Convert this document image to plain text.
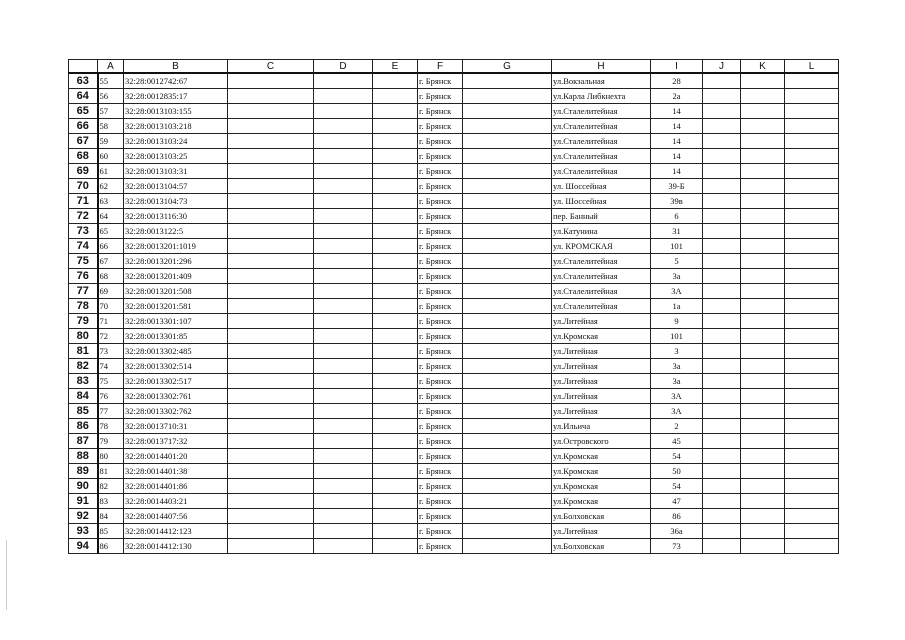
	A	B	C	D	E	F	G	H	I	J	K	L
63	55	32:28:0012742:67				г. Брянск		ул.Вокзальная	28			
64	56	32:28:0012835:17				г. Брянск		ул.Карла Либкнехта	2а			
65	57	32:28:0013103:155				г. Брянск		ул.Сталелитейная	14			
66	58	32:28:0013103:218				г. Брянск		ул.Сталелитейная	14			
67	59	32:28:0013103:24				г. Брянск		ул.Сталелитейная	14			
68	60	32:28:0013103:25				г. Брянск		ул.Сталелитейная	14			
69	61	32:28:0013103:31				г. Брянск		ул.Сталелитейная	14			
70	62	32:28:0013104:57				г. Брянск		ул. Шоссейная	39-Б			
71	63	32:28:0013104:73				г. Брянск		ул. Шоссейная	39в			
72	64	32:28:0013116:30				г. Брянск		пер. Банный	6			
73	65	32:28:0013122:5				г. Брянск		ул.Катунина	31			
74	66	32:28:0013201:1019				г. Брянск		ул. КРОМСКАЯ	101			
75	67	32:28:0013201:296				г. Брянск		ул.Сталелитейная	5			
76	68	32:28:0013201:409				г. Брянск		ул.Сталелитейная	3а			
77	69	32:28:0013201:508				г. Брянск		ул.Сталелитейная	3А			
78	70	32:28:0013201:581				г. Брянск		ул.Сталелитейная	1а			
79	71	32:28:0013301:107				г. Брянск		ул.Литейная	9			
80	72	32:28:0013301:85				г. Брянск		ул.Кромская	101			
81	73	32:28:0013302:485				г. Брянск		ул.Литейная	3			
82	74	32:28:0013302:514				г. Брянск		ул.Литейная	3а			
83	75	32:28:0013302:517				г. Брянск		ул.Литейная	3а			
84	76	32:28:0013302:761				г. Брянск		ул.Литейная	3А			
85	77	32:28:0013302:762				г. Брянск		ул.Литейная	3А			
86	78	32:28:0013710:31				г. Брянск		ул.Ильича	2			
87	79	32:28:0013717:32				г. Брянск		ул.Островского	45			
88	80	32:28:0014401:20				г. Брянск		ул.Кромская	54			
89	81	32:28:0014401:38				г. Брянск		ул.Кромская	50			
90	82	32:28:0014401:86				г. Брянск		ул.Кромская	54			
91	83	32:28:0014403:21				г. Брянск		ул.Кромская	47			
92	84	32:28:0014407:56				г. Брянск		ул.Болховская	86			
93	85	32:28:0014412:123				г. Брянск		ул.Литейная	36а			
94	86	32:28:0014412:130				г. Брянск		ул.Болховская	73			
